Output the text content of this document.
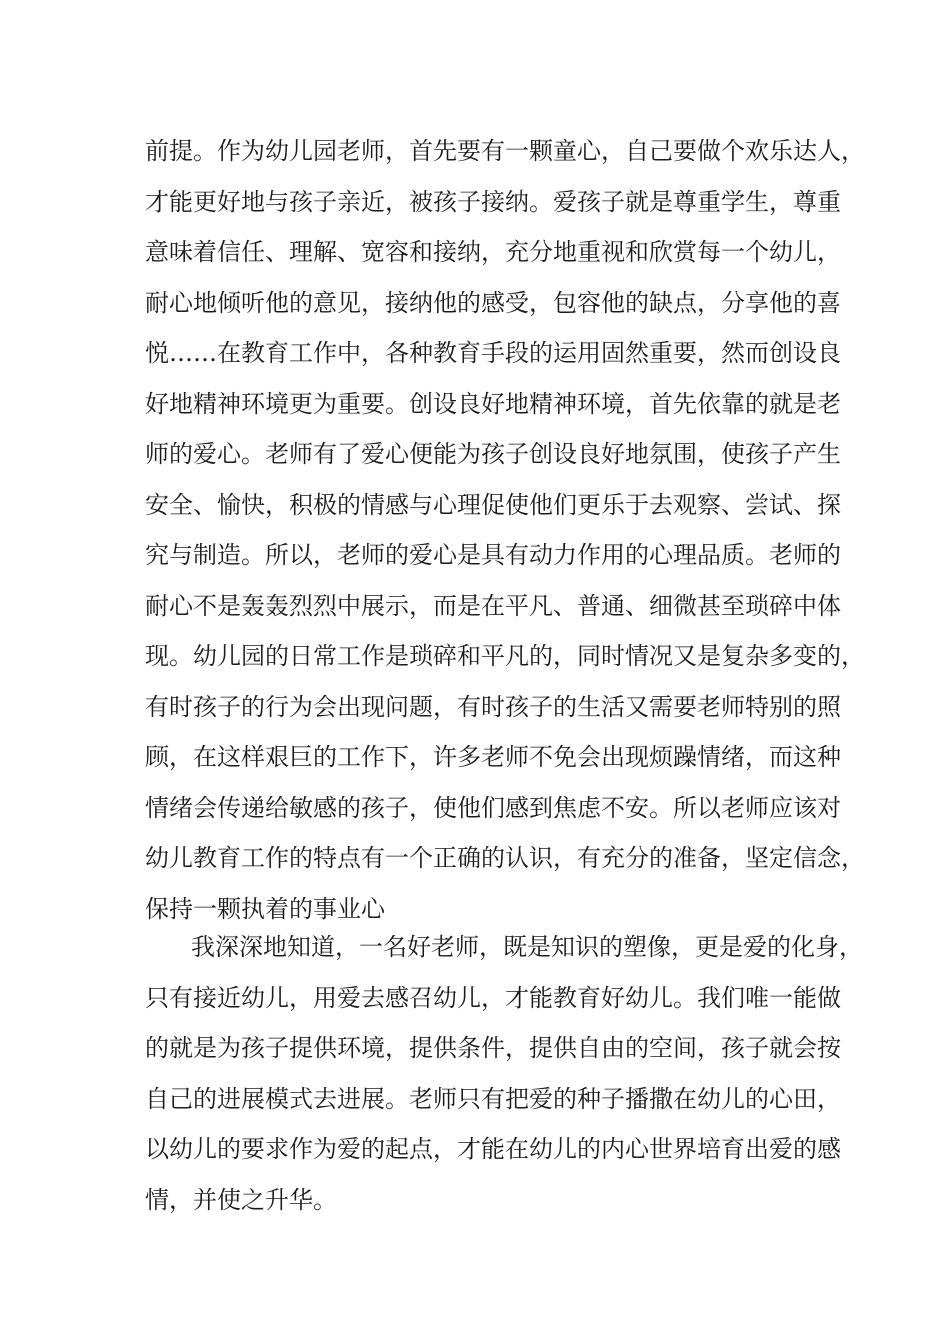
前提。作为幼儿园老师，首先要有一颗童心，自己要做个欢乐达人，
才能更好地与孩子亲近，被孩子接纳。爱孩子就是尊重学生，尊重
意味着信任、理解、宽容和接纳，充分地重视和欣赏每一个幼儿，
耐心地倾听他的意见，接纳他的感受，包容他的缺点，分享他的喜
悦……在教育工作中，各种教育手段的运用固然重要，然而创设良
好地精神环境更为重要。创设良好地精神环境，首先依靠的就是老
师的爱心。老师有了爱心便能为孩子创设良好地氛围，使孩子产生
安全、愉快，积极的情感与心理促使他们更乐于去观察、尝试、探
究与制造。所以，老师的爱心是具有动力作用的心理品质。老师的
耐心不是轰轰烈烈中展示，而是在平凡、普通、细微甚至琐碎中体
现。幼儿园的日常工作是琐碎和平凡的，同时情况又是复杂多变的，
有时孩子的行为会出现问题，有时孩子的生活又需要老师特别的照
顾，在这样艰巨的工作下，许多老师不免会出现烦躁情绪，而这种
情绪会传递给敏感的孩子，使他们感到焦虑不安。所以老师应该对
幼儿教育工作的特点有一个正确的认识，有充分的准备，坚定信念，
保持一颗执着的事业心
我深深地知道，一名好老师，既是知识的塑像，更是爱的化身，
只有接近幼儿，用爱去感召幼儿，才能教育好幼儿。我们唯一能做
的就是为孩子提供环境，提供条件，提供自由的空间，孩子就会按
自己的进展模式去进展。老师只有把爱的种子播撒在幼儿的心田，
以幼儿的要求作为爱的起点，才能在幼儿的内心世界培育出爱的感
情，并使之升华。
